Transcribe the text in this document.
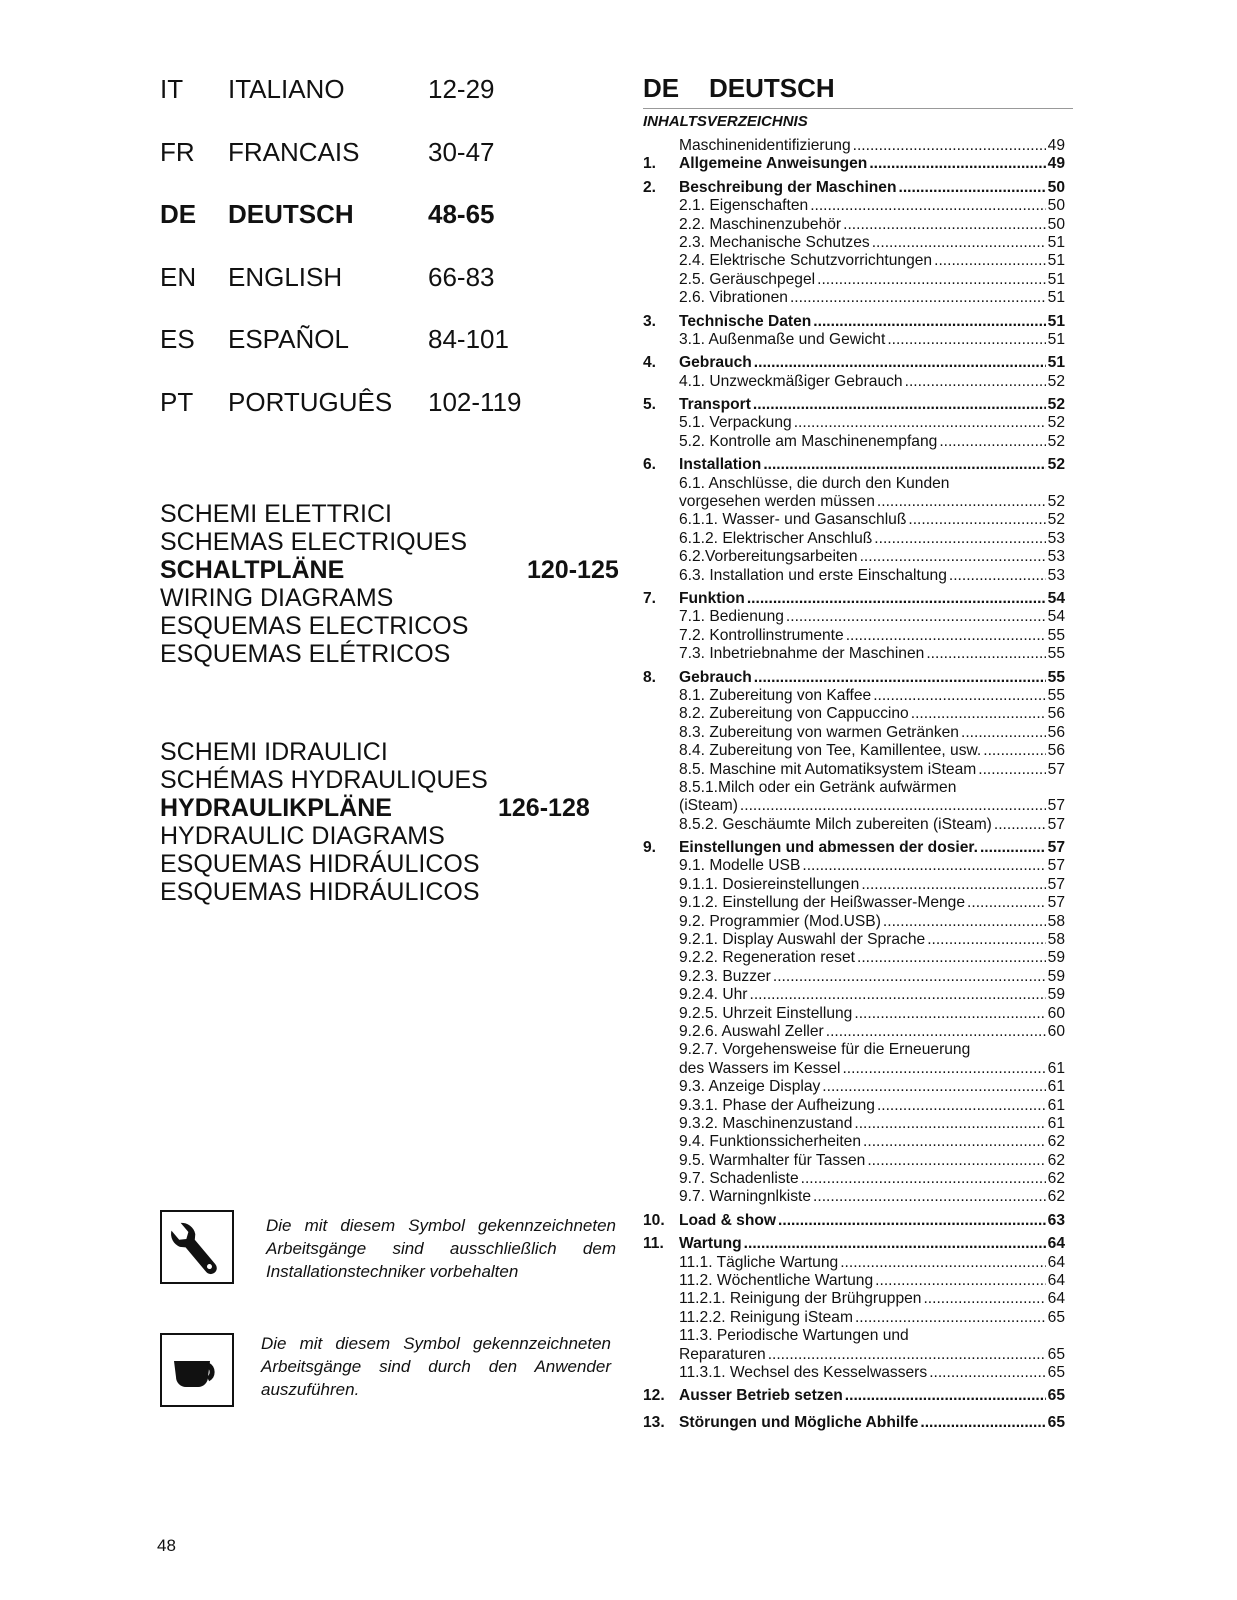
IT ITALIANO	12-29
FR FRANCAIS	30-47
DE DEUTSCH	48-65
EN ENGLISH	66-83
ES ESPAÑOL	84-101
PT PORTUGUÊS 102-119
SCHEMI ELETTRICI
SCHEMAS ELECTRIQUES
SCHALTPLÄNE	120-125
WIRING DIAGRAMS
ESQUEMAS ELECTRICOS
ESQUEMAS ELÉTRICOS
SCHEMI IDRAULICI
SCHÉMAS HYDRAULIQUES
HYDRAULIKPLÄNE	126-128
HYDRAULIC DIAGRAMS
ESQUEMAS HIDRÁULICOS
ESQUEMAS HIDRÁULICOS
Die mit diesem Symbol gekennzeichneten Arbeitsgänge sind ausschließlich dem Installationstechniker vorbehalten
Die mit diesem Symbol gekennzeichneten Arbeitsgänge sind durch den Anwender auszuführen.
DE DEUTSCH
INHALTSVERZEICHNIS
Maschinenidentifizierung .....	49
1. Allgemeine Anweisungen .....	49
2. Beschreibung der Maschinen .....	50
2.1. Eigenschaften .....	50
2.2. Maschinenzubehör .....	50
2.3. Mechanische Schutzes .....	51
2.4. Elektrische Schutzvorrichtungen .....	51
2.5. Geräuschpegel .....	51
2.6. Vibrationen .....	51
3. Technische Daten .....	51
3.1. Außenmaße und Gewicht .....	51
4. Gebrauch .....	51
4.1. Unzweckmäßiger Gebrauch .....	52
5. Transport .....	52
5.1. Verpackung .....	52
5.2. Kontrolle am Maschinenempfang .....	52
6. Installation .....	52
6.1. Anschlüsse, die durch den Kunden
vorgesehen werden müssen .....	52
6.1.1. Wasser- und Gasanschluß .....	52
6.1.2. Elektrischer Anschluß .....	53
6.2.Vorbereitungsarbeiten .....	53
6.3. Installation und erste Einschaltung .....	53
7. Funktion .....	54
7.1. Bedienung .....	54
7.2. Kontrollinstrumente .....	55
7.3. Inbetriebnahme der Maschinen .....	55
8. Gebrauch .....	55
8.1. Zubereitung von Kaffee .....	55
8.2. Zubereitung von Cappuccino .....	56
8.3. Zubereitung von warmen Getränken .....	56
8.4. Zubereitung von Tee, Kamillentee, usw. .....	56
8.5. Maschine mit Automatiksystem iSteam .....	57
8.5.1.Milch oder ein Getränk aufwärmen
(iSteam) .....	57
8.5.2. Geschäumte Milch zubereiten (iSteam) .....	57
9. Einstellungen und abmessen der dosier. .....	57
9.1. Modelle USB .....	57
9.1.1. Dosiereinstellungen .....	57
9.1.2. Einstellung der Heißwasser-Menge .....	57
9.2. Programmier (Mod.USB) .....	58
9.2.1. Display Auswahl der Sprache .....	58
9.2.2. Regeneration reset .....	59
9.2.3. Buzzer .....	59
9.2.4. Uhr .....	59
9.2.5. Uhrzeit Einstellung .....	60
9.2.6. Auswahl Zeller .....	60
9.2.7. Vorgehensweise für die Erneuerung
des Wassers im Kessel .....	61
9.3. Anzeige Display .....	61
9.3.1. Phase der Aufheizung .....	61
9.3.2. Maschinenzustand .....	61
9.4. Funktionssicherheiten .....	62
9.5. Warmhalter für Tassen .....	62
9.7. Schadenliste .....	62
9.7. Warningnlkiste .....	62
10. Load & show .....	63
11. Wartung .....	64
11.1. Tägliche Wartung .....	64
11.2. Wöchentliche Wartung .....	64
11.2.1. Reinigung der Brühgruppen .....	64
11.2.2. Reinigung iSteam .....	65
11.3. Periodische Wartungen und
Reparaturen .....	65
11.3.1. Wechsel des Kesselwassers .....	65
12. Ausser Betrieb setzen .....	65
13. Störungen und Mögliche Abhilfe .....	65
48
